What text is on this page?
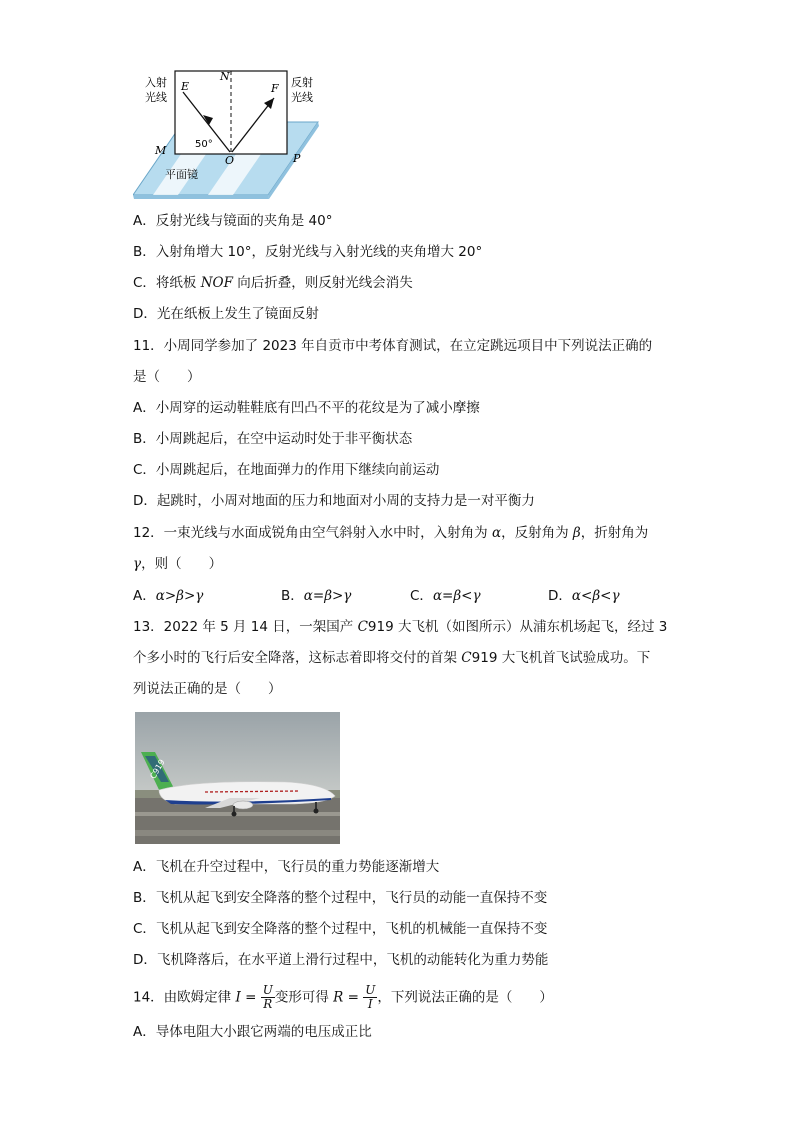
入射
光线
反射
光线
E
N
F
M
O	P
50°
平面镜
A．反射光线与镜面的夹角是 40°
B．入射角增大 10°，反射光线与入射光线的夹角增大 20°
C．将纸板 NOF 向后折叠，则反射光线会消失
D．光在纸板上发生了镜面反射
11．小周同学参加了 2023 年自贡市中考体育测试，在立定跳远项目中下列说法正确的
是（　　）
A．小周穿的运动鞋鞋底有凹凸不平的花纹是为了减小摩擦
B．小周跳起后，在空中运动时处于非平衡状态
C．小周跳起后，在地面弹力的作用下继续向前运动
D．起跳时，小周对地面的压力和地面对小周的支持力是一对平衡力
12．一束光线与水面成锐角由空气斜射入水中时，入射角为 α，反射角为 β，折射角为
γ，则（　　）
A．α>β>γ	B．α=β>γ	C．α=β<γ	D．α<β<γ
13．2022 年 5 月 14 日，一架国产 C919 大飞机（如图所示）从浦东机场起飞，经过 3
个多小时的飞行后安全降落，这标志着即将交付的首架 C919 大飞机首飞试验成功。下
列说法正确的是（　　）
C919
A．飞机在升空过程中，飞行员的重力势能逐渐增大
B．飞机从起飞到安全降落的整个过程中，飞行员的动能一直保持不变
C．飞机从起飞到安全降落的整个过程中，飞机的机械能一直保持不变
D．飞机降落后，在水平道上滑行过程中，飞机的动能转化为重力势能
14．由欧姆定律 $I = \frac{U}{R}$ 变形可得 $R = \frac{U}{I}$ ，下列说法正确的是（　　）
A．导体电阻大小跟它两端的电压成正比
